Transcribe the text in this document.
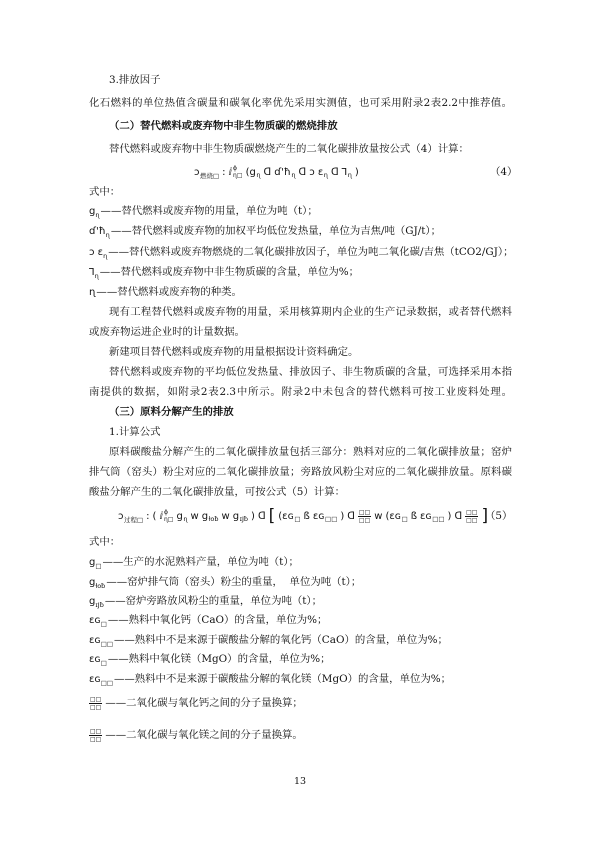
3.排放因子
化石燃料的单位热值含碳量和碳氧化率优先采用实测值，也可采用附录2表2.2中推荐值。
（二）替代燃料或废弃物中非生物质碳的燃烧排放
替代燃料或废弃物中非生物质碳燃烧产生的二氧化碳排放量按公式（4）计算：
ɔ 燃烧□ : ⅈ ɸ
ɳ□ (g ɳ ꓷ ɗ'ħ ɳ ꓷ ɔ ɛ ɳ ꓷ Ꞁ ɳ )	（4）
式中：
$g_ɳ——$替代燃料或废弃物的用量，单位为吨（t）；
$ɗ'ħ_ɳ——$替代燃料或废弃物的加权平均低位发热量，单位为吉焦/吨（GJ/t）；
ɔ ɛ$_ɳ$——替代燃料或废弃物燃烧的二氧化碳排放因子，单位为吨二氧化碳/吉焦（tCO2/GJ）；
Ꞁ$_ɳ$——替代燃料或废弃物中非生物质碳的含量，单位为%；
ɳ——替代燃料或废弃物的种类。
现有工程替代燃料或废弃物的用量，采用核算期内企业的生产记录数据，或者替代燃料
或废弃物运进企业时的计量数据。
新建项目替代燃料或废弃物的用量根据设计资料确定。
替代燃料或废弃物的平均低位发热量、排放因子、非生物质碳的含量，可选择采用本指
南提供的数据，如附录2表2.3中所示。附录2中未包含的替代燃料可按工业废料处理。
（三）原料分解产生的排放
1.计算公式
原料碳酸盐分解产生的二氧化碳排放量包括三部分：熟料对应的二氧化碳排放量；窑炉
排气筒（窑头）粉尘对应的二氧化碳排放量；旁路放风粉尘对应的二氧化碳排放量。原料碳
酸盐分解产生的二氧化碳排放量，可按公式（5）计算：
ɔ 过程□ : ( ⅈ ɸ
ɳ□ g ɳ w g łoƀ w g ɪJƀ ) ꓷ [ (ɛɢ □ ß ɛɢ □□ ) ꓷ $\frac{□□}{□□}$ w (ɛɢ □ ß ɛɢ □□ ) ꓷ $\frac{□□}{□□}$ ]
（5）
式中：
$g_□——$生产的水泥熟料产量，单位为吨（t）；
$g_{łoƀ}——$窑炉排气筒（窑头）粉尘的重量，  单位为吨（t）；
$g_{ɪJƀ}——$窑炉旁路放风粉尘的重量，单位为吨（t）；
ɛɢ$_□$——熟料中氧化钙（CaO）的含量，单位为%；
ɛɢ$_{□□}$——熟料中不是来源于碳酸盐分解的氧化钙（CaO）的含量，单位为%；
ɛɢ$_□$——熟料中氧化镁（MgO）的含量，单位为%；
ɛɢ$_{□□}$——熟料中不是来源于碳酸盐分解的氧化镁（MgO）的含量，单位为%；
$\frac{□□}{□□}$ ——二氧化碳与氧化钙之间的分子量换算；
$\frac{□□}{□□}$ ——二氧化碳与氧化镁之间的分子量换算。
13
